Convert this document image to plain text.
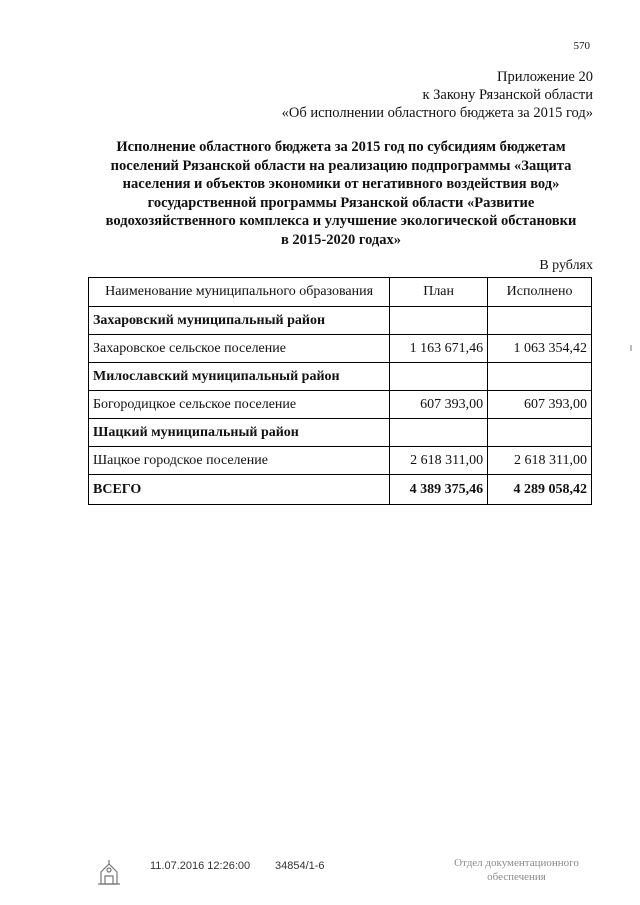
570
Приложение 20
к Закону Рязанской области
«Об исполнении областного бюджета за 2015 год»
Исполнение областного бюджета за 2015 год по субсидиям бюджетам
поселений Рязанской области на реализацию подпрограммы «Защита
населения и объектов экономики от негативного воздействия вод»
государственной программы Рязанской области «Развитие
водохозяйственного комплекса и улучшение экологической обстановки
в 2015-2020 годах»
В рублях
Наименование муниципального образования	План	Исполнено
Захаровский муниципальный район		
Захаровское сельское поселение	1 163 671,46	1 063 354,42
Милославский муниципальный район		
Богородицкое сельское поселение	607 393,00	607 393,00
Шацкий муниципальный район		
Шацкое городское поселение	2 618 311,00	2 618 311,00
ВСЕГО	4 389 375,46	4 289 058,42
11.07.2016 12:26:00 34854/1-6	Отдел документационного
обеспечения
